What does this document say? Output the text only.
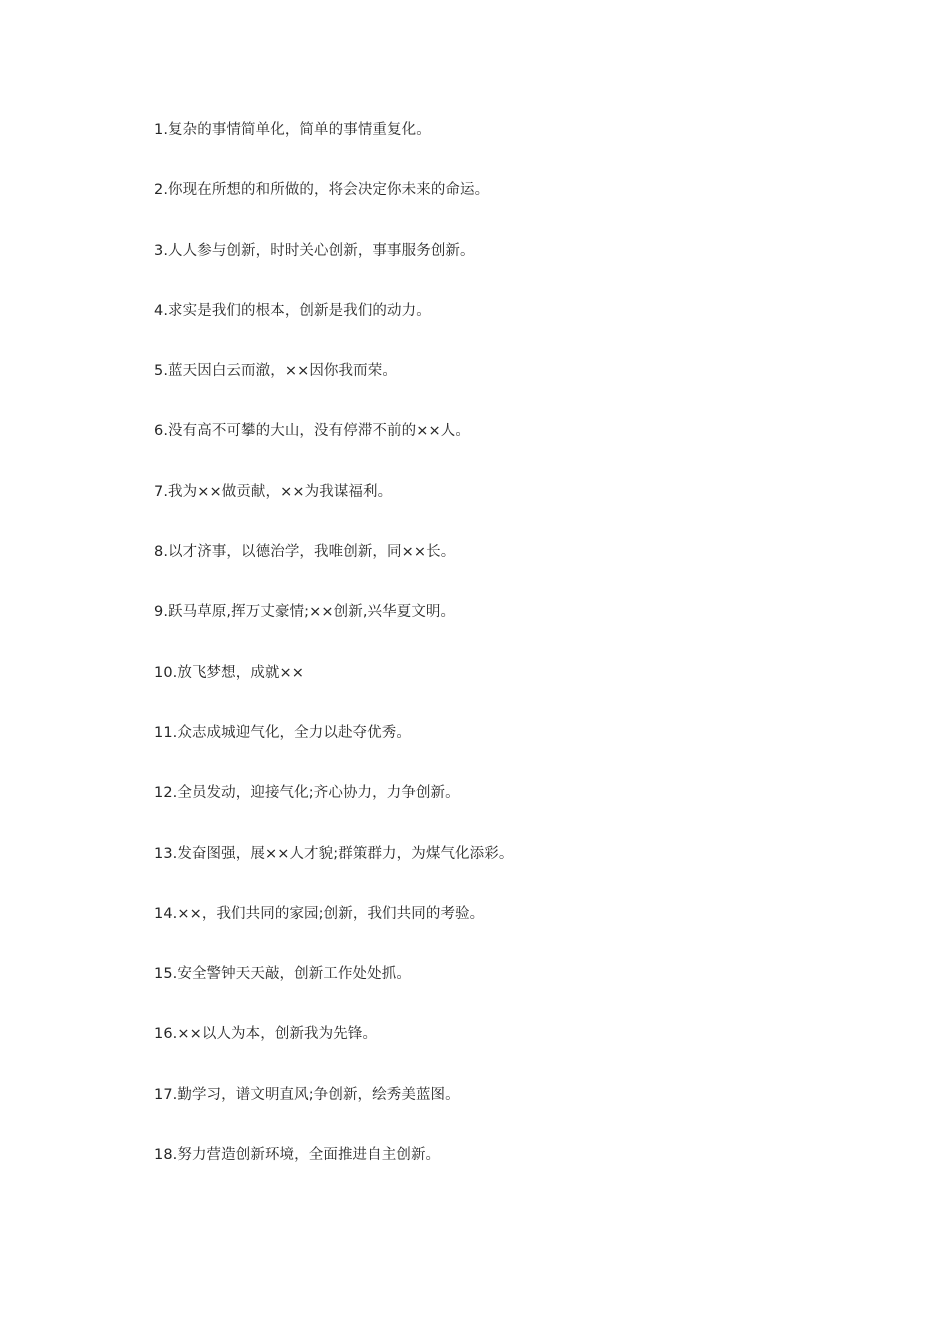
1.复杂的事情简单化，简单的事情重复化。
2.你现在所想的和所做的，将会决定你未来的命运。
3.人人参与创新，时时关心创新，事事服务创新。
4.求实是我们的根本，创新是我们的动力。
5.蓝天因白云而澈，××因你我而荣。
6.没有高不可攀的大山，没有停滞不前的××人。
7.我为××做贡献，××为我谋福利。
8.以才济事，以德治学，我唯创新，同××长。
9.跃马草原,挥万丈豪情;××创新,兴华夏文明。
10.放飞梦想，成就××
11.众志成城迎气化，全力以赴夺优秀。
12.全员发动，迎接气化;齐心协力，力争创新。
13.发奋图强，展××人才貌;群策群力，为煤气化添彩。
14.××，我们共同的家园;创新，我们共同的考验。
15.安全警钟天天敲，创新工作处处抓。
16.××以人为本，创新我为先锋。
17.勤学习，谱文明直风;争创新，绘秀美蓝图。
18.努力营造创新环境，全面推进自主创新。
